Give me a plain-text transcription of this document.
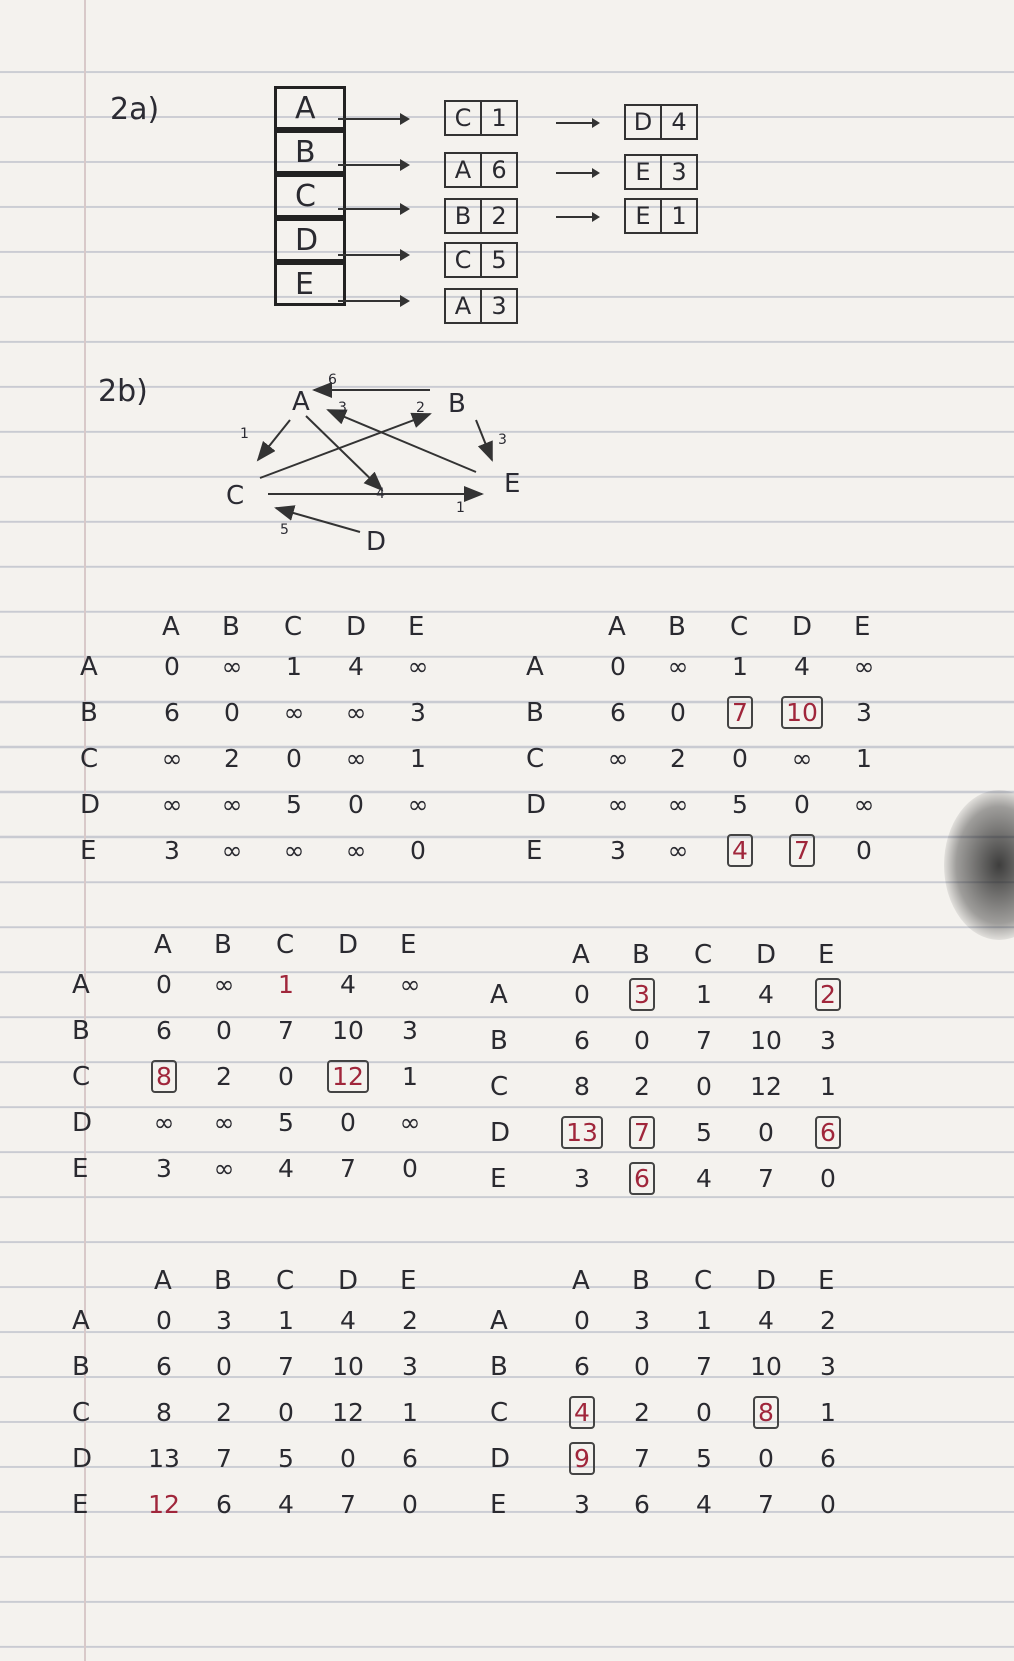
2a)	A
B
C
D
E
C 1
A 6
B 2
C 5
A 3
D 4
E 3
E 1
2b)	A	B
C
D
E
6
3	2
1	3
4
1
5
A B C D E
A	0	∞	1	4	∞
B	6	0	∞	∞	3
C	∞	2	0	∞	1
D	∞	∞	5	0	∞
E	3	∞	∞	∞	0
A B C D E
A	0	∞	1	4	∞
B	6	0	7	10	3
C	∞	2	0	∞	1
D	∞	∞	5	0	∞
E	3	∞	4	7	0
A B C D E
A	0	∞	1	4	∞
B	6	0	7	10	3
C	8	2	0	12	1
D	∞	∞	5	0	∞
E	3	∞	4	7	0
A B C D E
A	0	3	1	4	2
B	6	0	7	10	3
C	8	2	0	12	1
D 13	7	5	0	6
E	3	6	4	7	0
A B C D E
A	0	3	1	4	2
B	6	0	7	10	3
C	8	2	0	12	1
D 13	7	5	0	6
E 12	6	4	7	0
A B C D E
A	0	3	1	4	2
B	6	0	7	10	3
C	4	2	0	8	1
D	9	7	5	0	6
E	3	6	4	7	0
